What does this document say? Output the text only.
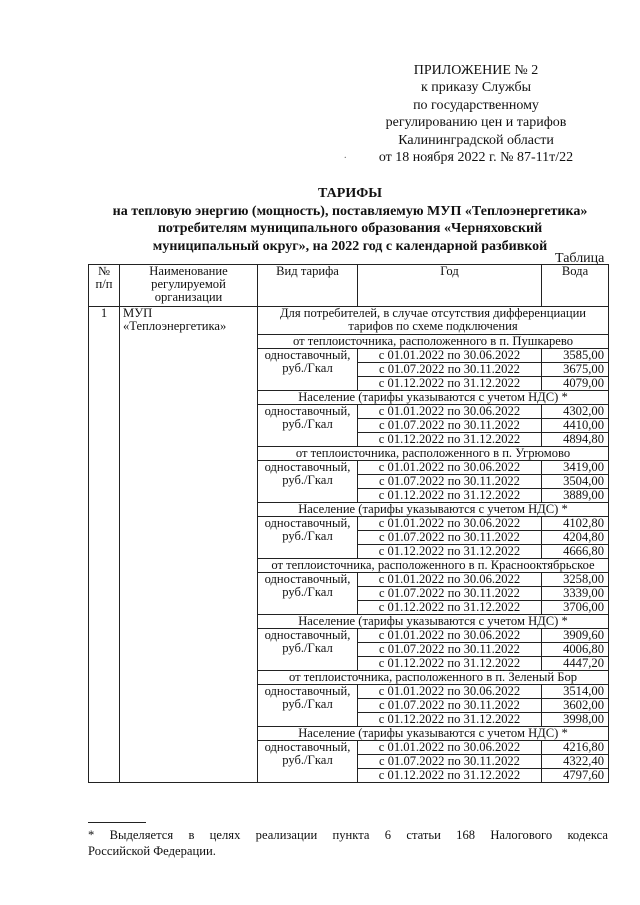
ПРИЛОЖЕНИЕ № 2
к приказу Службы
по государственному
регулированию цен и тарифов
Калининградской области
от 18 ноября 2022 г. № 87-11т/22
ТАРИФЫ
на тепловую энергию (мощность), поставляемую МУП «Теплоэнергетика»
потребителям муниципального образования «Черняховский
муниципальный округ», на 2022 год с календарной разбивкой
Таблица
№ п/п	Наименование регулируемой организации	Вид тарифа	Год	Вода
1	МУП «Теплоэнергетика»	Для потребителей, в случае отсутствия дифференциации тарифов по схеме подключения		
		от теплоисточника, расположенного в п. Пушкарево		
		одноставочный, руб./Гкал	с 01.01.2022 по 30.06.2022	3585,00
			с 01.07.2022 по 30.11.2022	3675,00
			с 01.12.2022 по 31.12.2022	4079,00
		Население (тарифы указываются с учетом НДС) *		
		одноставочный, руб./Гкал	с 01.01.2022 по 30.06.2022	4302,00
			с 01.07.2022 по 30.11.2022	4410,00
			с 01.12.2022 по 31.12.2022	4894,80
		от теплоисточника, расположенного в п. Угрюмово		
		одноставочный, руб./Гкал	с 01.01.2022 по 30.06.2022	3419,00
			с 01.07.2022 по 30.11.2022	3504,00
			с 01.12.2022 по 31.12.2022	3889,00
		Население (тарифы указываются с учетом НДС) *		
		одноставочный, руб./Гкал	с 01.01.2022 по 30.06.2022	4102,80
			с 01.07.2022 по 30.11.2022	4204,80
			с 01.12.2022 по 31.12.2022	4666,80
		от теплоисточника, расположенного в п. Краснооктябрьское		
		одноставочный, руб./Гкал	с 01.01.2022 по 30.06.2022	3258,00
			с 01.07.2022 по 30.11.2022	3339,00
			с 01.12.2022 по 31.12.2022	3706,00
		Население (тарифы указываются с учетом НДС) *		
		одноставочный, руб./Гкал	с 01.01.2022 по 30.06.2022	3909,60
			с 01.07.2022 по 30.11.2022	4006,80
			с 01.12.2022 по 31.12.2022	4447,20
		от теплоисточника, расположенного в п. Зеленый Бор		
		одноставочный, руб./Гкал	с 01.01.2022 по 30.06.2022	3514,00
			с 01.07.2022 по 30.11.2022	3602,00
			с 01.12.2022 по 31.12.2022	3998,00
		Население (тарифы указываются с учетом НДС) *		
		одноставочный, руб./Гкал	с 01.01.2022 по 30.06.2022	4216,80
			с 01.07.2022 по 30.11.2022	4322,40
			с 01.12.2022 по 31.12.2022	4797,60
* Выделяется в целях реализации пункта 6 статьи 168 Налогового кодекса
Российской Федерации.
.
